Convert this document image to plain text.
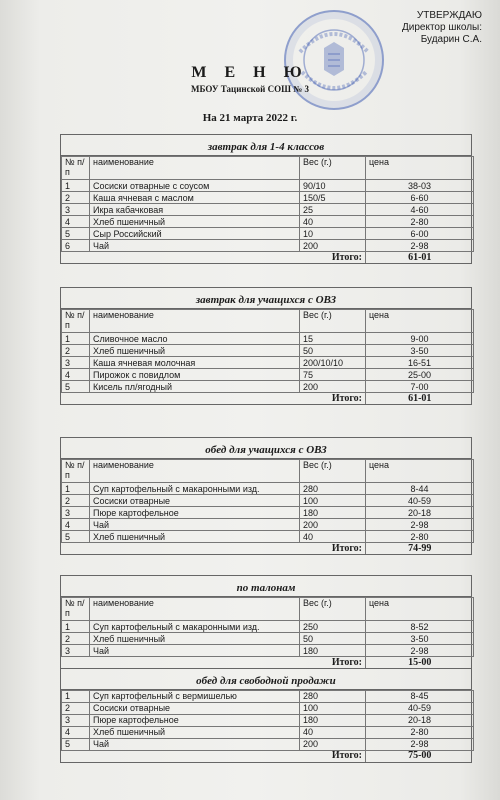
УТВЕРЖДАЮ
Директор школы:
Бударин С.А.
М Е Н Ю
МБОУ Тацинской СОШ № 3
На 21 марта 2022 г.
завтрак для 1-4 классов
№ п/п	наименование	Вес (г.)	цена
1	Сосиски отварные с соусом	90/10	38-03
2	Каша ячневая с маслом	150/5	6-60
3	Икра кабачковая	25	4-60
4	Хлеб пшеничный	40	2-80
5	Сыр Российский	10	6-00
6	Чай	200	2-98
Итого:			61-01
завтрак для учащихся с ОВЗ
№ п/п	наименование	Вес (г.)	цена
1	Сливочное масло	15	9-00
2	Хлеб пшеничный	50	3-50
3	Каша ячневая молочная	200/10/10	16-51
4	Пирожок с повидлом	75	25-00
5	Кисель пл/ягодный	200	7-00
Итого:			61-01
обед для учащихся с ОВЗ
№ п/п	наименование	Вес (г.)	цена
1	Суп картофельный с макаронными изд.	280	8-44
2	Сосиски отварные	100	40-59
3	Пюре картофельное	180	20-18
4	Чай	200	2-98
5	Хлеб пшеничный	40	2-80
Итого:			74-99
по талонам
№ п/п	наименование	Вес (г.)	цена
1	Суп картофельный с макаронными изд.	250	8-52
2	Хлеб пшеничный	50	3-50
3	Чай	180	2-98
Итого:			15-00
обед для свободной продажи

1	Суп картофельный с вермишелью	280	8-45
2	Сосиски отварные	100	40-59
3	Пюре картофельное	180	20-18
4	Хлеб пшеничный	40	2-80
5	Чай	200	2-98
Итого:			75-00
